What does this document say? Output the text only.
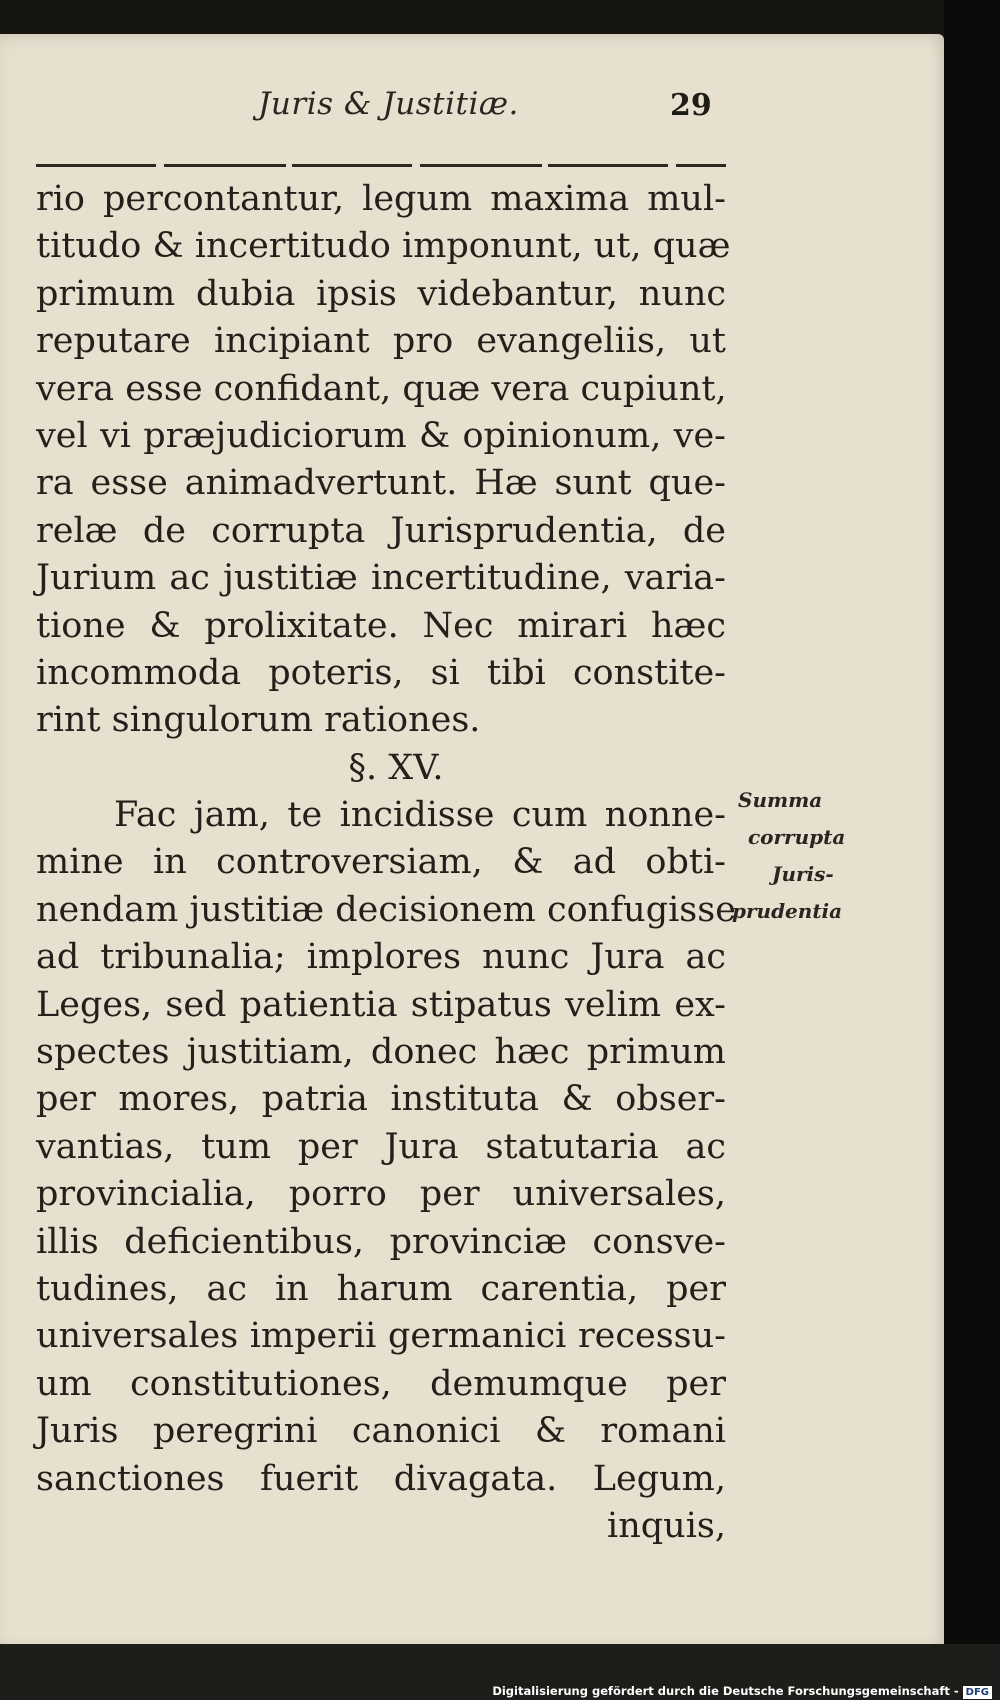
Juris & Justitiæ.	29
rio percontantur, legum maxima mul-
titudo & incertitudo imponunt, ut, quæ
primum dubia ipsis videbantur, nunc
reputare incipiant pro evangeliis, ut
vera esse confidant, quæ vera cupiunt,
vel vi præjudiciorum & opinionum, ve-
ra esse animadvertunt. Hæ sunt que-
relæ de corrupta Jurisprudentia, de
Jurium ac justitiæ incertitudine, varia-
tione & prolixitate. Nec mirari hæc
incommoda poteris, si tibi constite-
rint singulorum rationes.
§. XV.
Fac jam, te incidisse cum nonne-
mine in controversiam, & ad obti-
nendam justitiæ decisionem confugisse
ad tribunalia; implores nunc Jura ac
Leges, sed patientia stipatus velim ex-
spectes justitiam, donec hæc primum
per mores, patria instituta & obser-
vantias, tum per Jura statutaria ac
provincialia, porro per universales,
illis deficientibus, provinciæ consve-
tudines, ac in harum carentia, per
universales imperii germanici recessu-
um constitutiones, demumque per
Juris peregrini canonici & romani
sanctiones fuerit divagata. Legum,
inquis,
Summa
corrupta
Juris-
prudentia
Digitalisierung gefördert durch die Deutsche Forschungsgemeinschaft - DFG
